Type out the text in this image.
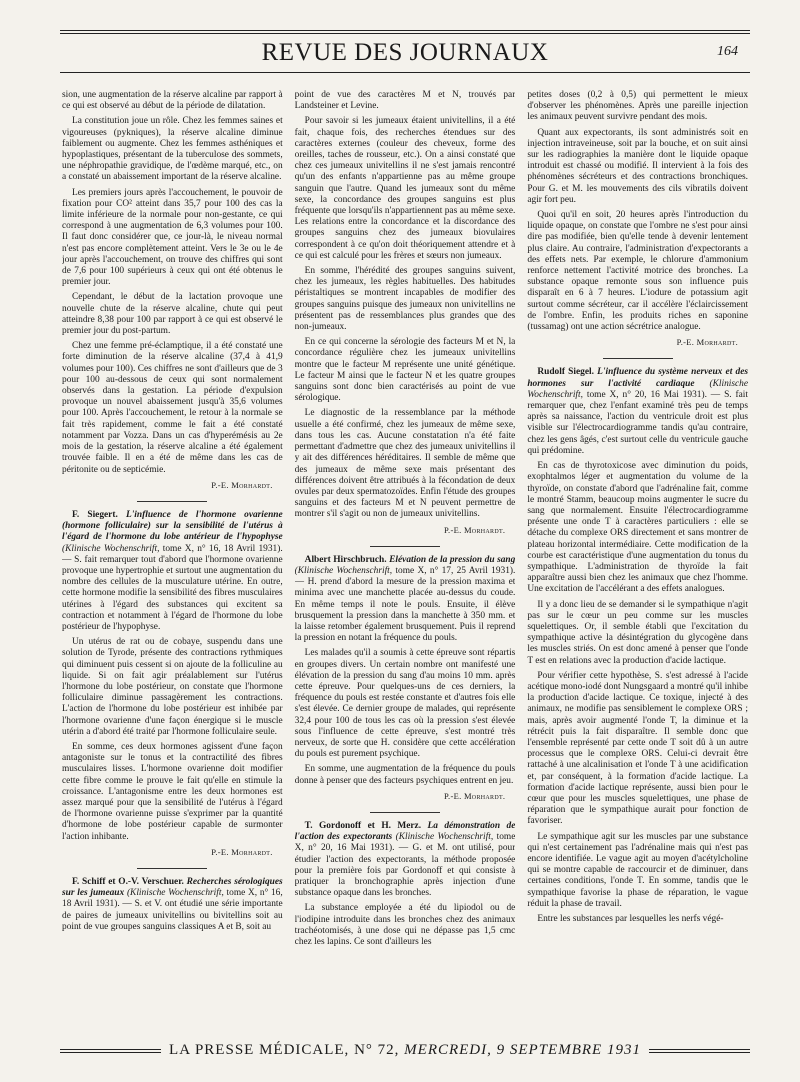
REVUE DES JOURNAUX	164

sion, une augmentation de la réserve alcaline par rapport à ce qui est observé au début de la période de dilatation.

La constitution joue un rôle. Chez les femmes saines et vigoureuses (pykniques), la réserve alcaline diminue faiblement ou augmente. Chez les femmes asthéniques et hypoplastiques, présentant de la tuberculose des sommets, une néphropathie gravidique, de l'œdème marqué, etc., on a constaté un abaissement important de la réserve alcaline.

Les premiers jours après l'accouchement, le pouvoir de fixation pour CO² atteint dans 35,7 pour 100 des cas la limite inférieure de la normale pour non-gestante, ce qui correspond à une augmentation de 6,3 volumes pour 100. Il faut donc considérer que, ce jour-là, le niveau normal n'est pas encore complètement atteint. Vers le 3e ou le 4e jour après l'accouchement, on trouve des chiffres qui sont de 7,6 pour 100 supérieurs à ceux qui ont été obtenus le premier jour.

Cependant, le début de la lactation provoque une nouvelle chute de la réserve alcaline, chute qui peut atteindre 8,38 pour 100 par rapport à ce qui est observé le premier jour du post-partum.

Chez une femme pré-éclamptique, il a été constaté une forte diminution de la réserve alcaline (37,4 à 41,9 volumes pour 100). Ces chiffres ne sont d'ailleurs que de 3 pour 100 au-dessous de ceux qui sont normalement observés dans la gestation. La période d'expulsion provoque un nouvel abaissement jusqu'à 35,6 volumes pour 100. Après l'accouchement, le retour à la normale se fait très rapidement, comme le fait a été constaté notamment par Vozza. Dans un cas d'hyperémésis au 2e mois de la gestation, la réserve alcaline a été également trouvée faible. Il en a été de même dans les cas de péritonite ou de septicémie.

P.-E. Morhardt.

F. Siegert. L'influence de l'hormone ovarienne (hormone folliculaire) sur la sensibilité de l'utérus à l'égard de l'hormone du lobe antérieur de l'hypophyse (Klinische Wochenschrift, tome X, n° 16, 18 Avril 1931). — S. fait remarquer tout d'abord que l'hormone ovarienne provoque une hypertrophie et surtout une augmentation du nombre des cellules de la musculature utérine. En outre, cette hormone modifie la sensibilité des fibres musculaires utérines à l'égard des substances qui excitent sa contraction et notamment à l'égard de l'hormone du lobe postérieur de l'hypophyse.

Un utérus de rat ou de cobaye, suspendu dans une solution de Tyrode, présente des contractions rythmiques qui diminuent puis cessent si on ajoute de la folliculine au liquide. Si on fait agir préalablement sur l'utérus l'hormone du lobe postérieur, on constate que l'hormone folliculaire diminue passagèrement les contractions. L'action de l'hormone du lobe postérieur est inhibée par l'hormone ovarienne d'une façon énergique si le muscle utérin a d'abord été traité par l'hormone folliculaire seule.

En somme, ces deux hormones agissent d'une façon antagoniste sur le tonus et la contractilité des fibres musculaires lisses. L'hormone ovarienne doit modifier cette fibre comme le prouve le fait qu'elle en stimule la croissance. L'antagonisme entre les deux hormones est assez marqué pour que la sensibilité de l'utérus à l'égard de l'hormone ovarienne puisse s'exprimer par la quantité d'hormone de lobe postérieur capable de surmonter l'action inhibante.

P.-E. Morhardt.

F. Schiff et O.-V. Verschuer. Recherches sérologiques sur les jumeaux (Klinische Wochenschrift, tome X, n° 16, 18 Avril 1931). — S. et V. ont étudié une série importante de paires de jumeaux univitellins ou bivitellins soit au point de vue groupes sanguins classiques A et B, soit au

point de vue des caractères M et N, trouvés par Landsteiner et Levine.

Pour savoir si les jumeaux étaient univitellins, il a été fait, chaque fois, des recherches étendues sur des caractères externes (couleur des cheveux, forme des oreilles, taches de rousseur, etc.). On a ainsi constaté que chez ces jumeaux univitellins il ne s'est jamais rencontré qu'un des enfants n'appartienne pas au même groupe sanguin que l'autre. Quand les jumeaux sont du même sexe, la concordance des groupes sanguins est plus fréquente que lorsqu'ils n'appartiennent pas au même sexe. Les relations entre la concordance et la discordance des groupes sanguins chez des jumeaux biovulaires correspondent à ce qu'on doit théoriquement attendre et à ce qui est calculé pour les frères et sœurs non jumeaux.

En somme, l'hérédité des groupes sanguins suivent, chez les jumeaux, les règles habituelles. Des habitudes péristaltiques se montrent incapables de modifier des groupes sanguins puisque des jumeaux non univitellins ne présentent pas de ressemblances plus grandes que des non-jumeaux.

En ce qui concerne la sérologie des facteurs M et N, la concordance régulière chez les jumeaux univitellins montre que le facteur M représente une unité génétique. Le facteur M ainsi que le facteur N et les quatre groupes sanguins sont donc bien caractérisés au point de vue sérologique.

Le diagnostic de la ressemblance par la méthode usuelle a été confirmé, chez les jumeaux de même sexe, dans tous les cas. Aucune constatation n'a été faite permettant d'admettre que chez des jumeaux univitellins il y ait des différences héréditaires. Il semble de même que des jumeaux de même sexe mais présentant des différences doivent être attribués à la fécondation de deux ovules par deux spermatozoïdes. Enfin l'étude des groupes sanguins et des facteurs M et N peuvent permettre de montrer s'il s'agit ou non de jumeaux univitellins.

P.-E. Morhardt.

Albert Hirschbruch. Elévation de la pression du sang (Klinische Wochenschrift, tome X, n° 17, 25 Avril 1931). — H. prend d'abord la mesure de la pression maxima et minima avec une manchette placée au-dessus du coude. En même temps il note le pouls. Ensuite, il élève brusquement la pression dans la manchette à 350 mm. et la laisse retomber également brusquement. Puis il reprend la pression en notant la fréquence du pouls.

Les malades qu'il a soumis à cette épreuve sont répartis en groupes divers. Un certain nombre ont manifesté une élévation de la pression du sang d'au moins 10 mm. après cette épreuve. Pour quelques-uns de ces derniers, la fréquence du pouls est restée constante et d'autres fois elle s'est élevée. Ce dernier groupe de malades, qui représente 32,4 pour 100 de tous les cas où la pression s'est élevée sous l'influence de cette épreuve, s'est montré très nerveux, de sorte que H. considère que cette accélération du pouls est purement psychique.

En somme, une augmentation de la fréquence du pouls donne à penser que des facteurs psychiques entrent en jeu.

P.-E. Morhardt.

T. Gordonoff et H. Merz. La démonstration de l'action des expectorants (Klinische Wochenschrift, tome X, n° 20, 16 Mai 1931). — G. et M. ont utilisé, pour étudier l'action des expectorants, la méthode proposée pour la première fois par Gordonoff et qui consiste à pratiquer la bronchographie après injection d'une substance opaque dans les bronches.

La substance employée a été du lipiodol ou de l'iodipine introduite dans les bronches chez des animaux trachéotomisés, à une dose qui ne dépasse pas 1,5 cmc chez les lapins. Ce sont d'ailleurs les

petites doses (0,2 à 0,5) qui permettent le mieux d'observer les phénomènes. Après une pareille injection les animaux peuvent survivre pendant des mois.

Quant aux expectorants, ils sont administrés soit en injection intraveineuse, soit par la bouche, et on suit ainsi sur les radiographies la manière dont le liquide opaque introduit est chassé ou modifié. Il intervient à la fois des phénomènes sécréteurs et des contractions bronchiques. Pour G. et M. les mouvements des cils vibratils doivent agir fort peu.

Quoi qu'il en soit, 20 heures après l'introduction du liquide opaque, on constate que l'ombre ne s'est pour ainsi dire pas modifiée, bien qu'elle tende à devenir lentement plus claire. Au contraire, l'administration d'expectorants a des effets nets. Par exemple, le chlorure d'ammonium renforce nettement l'activité motrice des bronches. La substance opaque remonte sous son influence puis disparaît en 6 à 7 heures. L'iodure de potassium agit surtout comme sécréteur, car il accélère l'éclaircissement de l'ombre. Enfin, les produits riches en saponine (tussamag) ont une action sécrétrice analogue.

P.-E. Morhardt.

Rudolf Siegel. L'influence du système nerveux et des hormones sur l'activité cardiaque (Klinische Wochenschrift, tome X, n° 20, 16 Mai 1931). — S. fait remarquer que, chez l'enfant examiné très peu de temps après sa naissance, l'action du ventricule droit est plus visible sur l'électrocardiogramme tandis qu'au contraire, chez les gens âgés, c'est surtout celle du ventricule gauche qui prédomine.

En cas de thyrotoxicose avec diminution du poids, exophtalmos léger et augmentation du volume de la thyroïde, on constate d'abord que l'adrénaline fait, comme le montré Stamm, beaucoup moins augmenter le sucre du sang que normalement. Ensuite l'électrocardiogramme présente une onde T à caractères particuliers : elle se détache du complexe ORS directement et sans montrer de plateau horizontal intermédiaire. Cette modification de la courbe est caractéristique d'une augmentation du tonus du sympathique. L'administration de thyroïde la fait apparaître aussi bien chez les animaux que chez l'homme. Une excitation de l'accélérant a des effets analogues.

Il y a donc lieu de se demander si le sympathique n'agit pas sur le cœur un peu comme sur les muscles squelettiques. Or, il semble établi que l'excitation du sympathique active la désintégration du glycogène dans les muscles striés. On est donc amené à penser que l'onde T est en relations avec la production d'acide lactique.

Pour vérifier cette hypothèse, S. s'est adressé à l'acide acétique mono-iodé dont Nungsgaard a montré qu'il inhibe la production d'acide lactique. Ce toxique, injecté à des animaux, ne modifie pas sensiblement le complexe ORS ; mais, après avoir augmenté l'onde T, la diminue et la rétrécit puis la fait disparaître. Il semble donc que l'ensemble représenté par cette onde T soit dû à un autre processus que le complexe ORS. Celui-ci devrait être rattaché à une alcalinisation et l'onde T à une acidification et, par conséquent, à la formation d'acide lactique. La formation d'acide lactique représente, aussi bien pour le cœur que pour les muscles squelettiques, une phase de réparation que le sympathique aurait pour fonction de favoriser.

Le sympathique agit sur les muscles par une substance qui n'est certainement pas l'adrénaline mais qui n'est pas encore identifiée. Le vague agit au moyen d'acétylcholine qui se montre capable de raccourcir et de diminuer, dans certaines conditions, l'onde T. En somme, tandis que le sympathique favorise la phase de réparation, le vague réduit la phase de travail.

Entre les substances par lesquelles les nerfs végé-

LA PRESSE MÉDICALE, N° 72, MERCREDI, 9 SEPTEMBRE 1931
